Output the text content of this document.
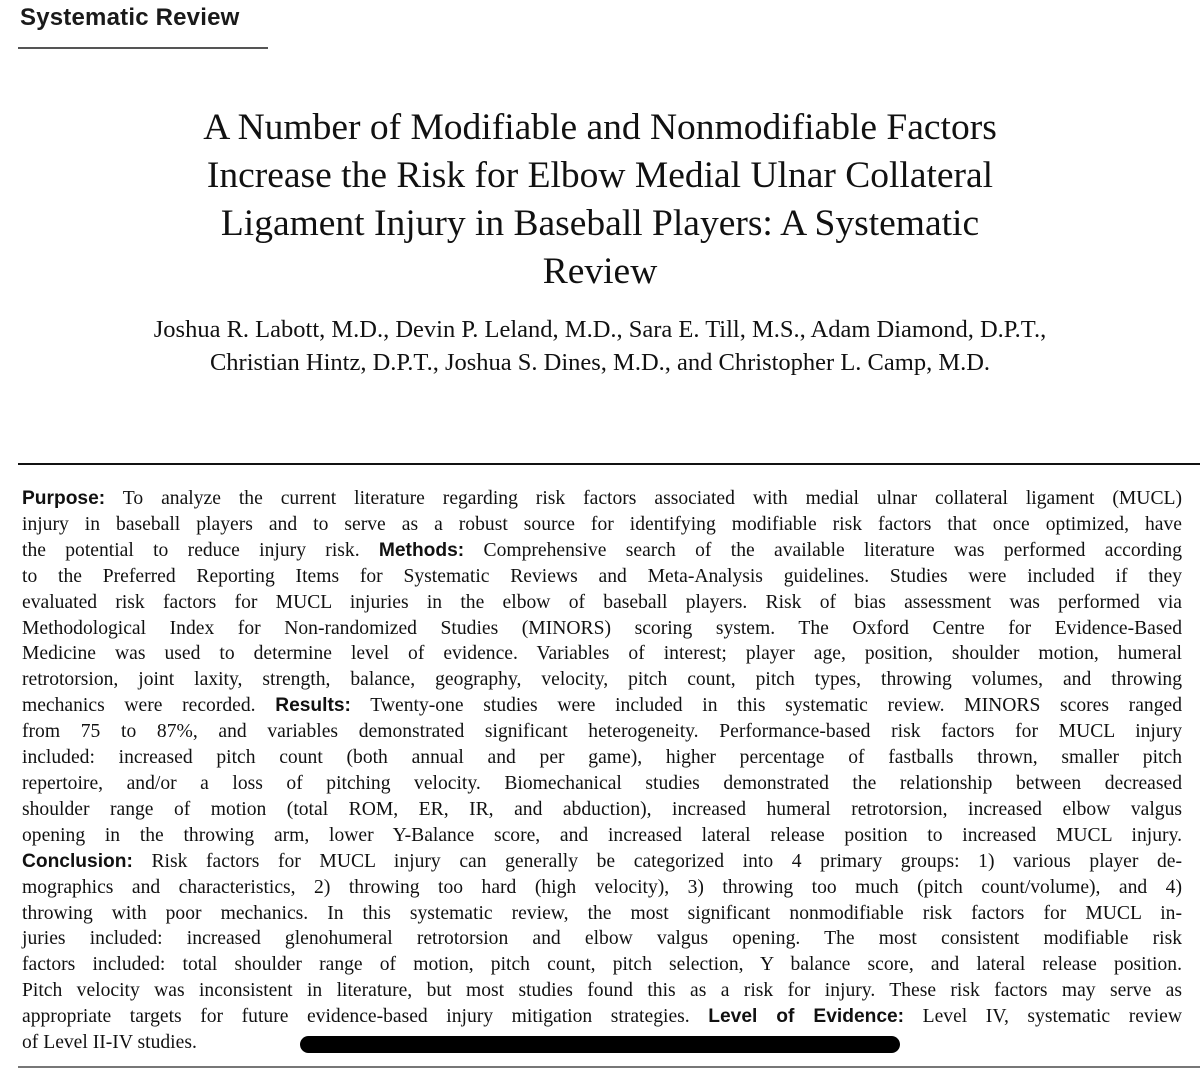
Systematic Review
A Number of Modifiable and Nonmodifiable Factors
Increase the Risk for Elbow Medial Ulnar Collateral
Ligament Injury in Baseball Players: A Systematic
Review
Joshua R. Labott, M.D., Devin P. Leland, M.D., Sara E. Till, M.S., Adam Diamond, D.P.T.,
Christian Hintz, D.P.T., Joshua S. Dines, M.D., and Christopher L. Camp, M.D.
Purpose: To analyze the current literature regarding risk factors associated with medial ulnar collateral ligament (MUCL)
injury in baseball players and to serve as a robust source for identifying modifiable risk factors that once optimized, have
the potential to reduce injury risk. Methods: Comprehensive search of the available literature was performed according
to the Preferred Reporting Items for Systematic Reviews and Meta-Analysis guidelines. Studies were included if they
evaluated risk factors for MUCL injuries in the elbow of baseball players. Risk of bias assessment was performed via
Methodological Index for Non-randomized Studies (MINORS) scoring system. The Oxford Centre for Evidence-Based
Medicine was used to determine level of evidence. Variables of interest; player age, position, shoulder motion, humeral
retrotorsion, joint laxity, strength, balance, geography, velocity, pitch count, pitch types, throwing volumes, and throwing
mechanics were recorded. Results: Twenty-one studies were included in this systematic review. MINORS scores ranged
from 75 to 87%, and variables demonstrated significant heterogeneity. Performance-based risk factors for MUCL injury
included: increased pitch count (both annual and per game), higher percentage of fastballs thrown, smaller pitch
repertoire, and/or a loss of pitching velocity. Biomechanical studies demonstrated the relationship between decreased
shoulder range of motion (total ROM, ER, IR, and abduction), increased humeral retrotorsion, increased elbow valgus
opening in the throwing arm, lower Y-Balance score, and increased lateral release position to increased MUCL injury.
Conclusion: Risk factors for MUCL injury can generally be categorized into 4 primary groups: 1) various player de-
mographics and characteristics, 2) throwing too hard (high velocity), 3) throwing too much (pitch count/volume), and 4)
throwing with poor mechanics. In this systematic review, the most significant nonmodifiable risk factors for MUCL in-
juries included: increased glenohumeral retrotorsion and elbow valgus opening. The most consistent modifiable risk
factors included: total shoulder range of motion, pitch count, pitch selection, Y balance score, and lateral release position.
Pitch velocity was inconsistent in literature, but most studies found this as a risk for injury. These risk factors may serve as
appropriate targets for future evidence-based injury mitigation strategies. Level of Evidence: Level IV, systematic review
of Level II-IV studies.
